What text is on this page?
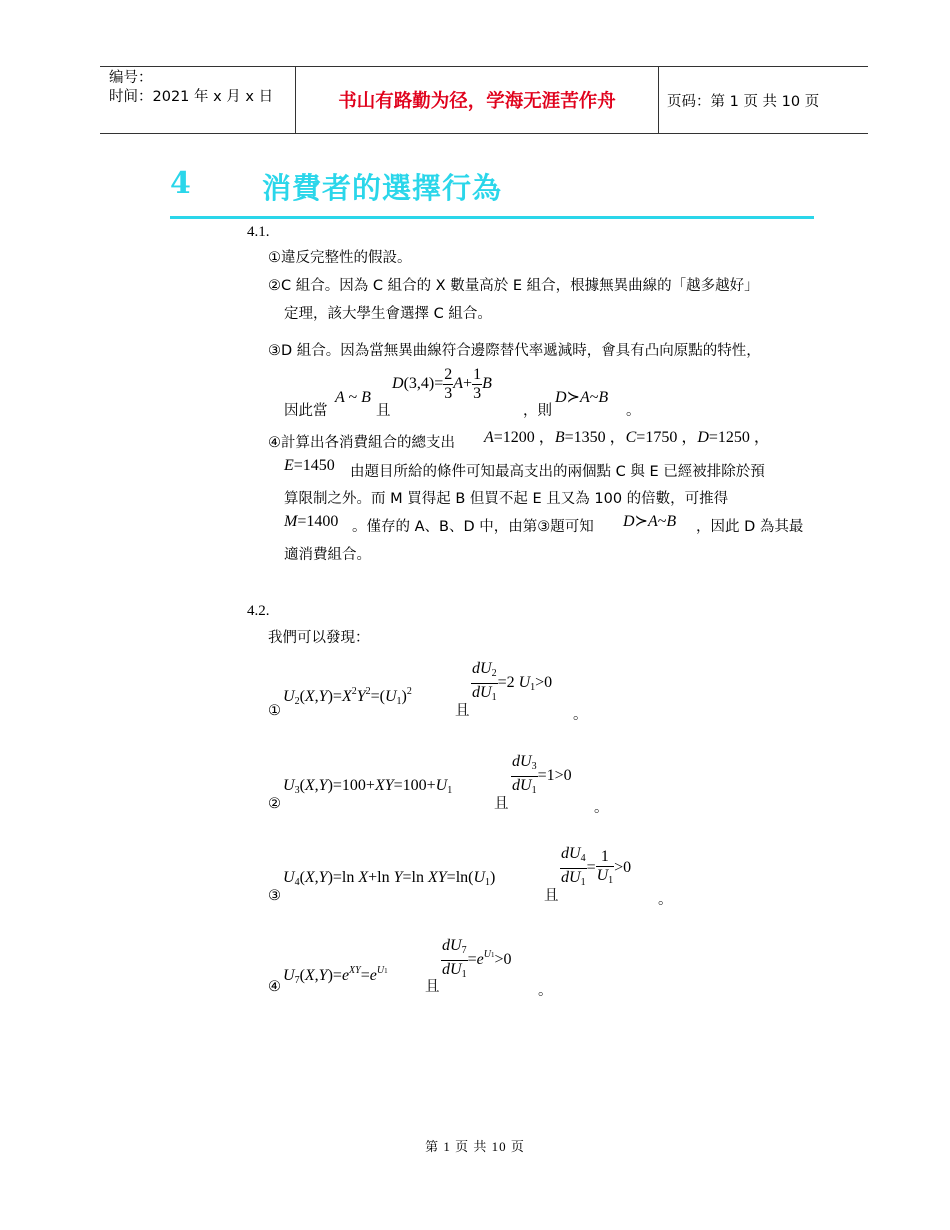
编号：
时间：2021 年 x 月 x 日	书山有路勤为径，学海无涯苦作舟	页码：第 1 页 共 10 页
4 消費者的選擇行為
4.1.
①違反完整性的假設。
②C 組合。因為 C 組合的 X 數量高於 E 組合，根據無異曲線的「越多越好」
定理，該大學生會選擇 C 組合。
③D 組合。因為當無異曲線符合邊際替代率遞減時，會具有凸向原點的特性，
因此當
A ~ B
且
$D(3,4)= \frac{2}{3} A+ \frac{1}{3}$ B
，則
D≻A~B
。
④計算出各消費組合的總支出 A=1200 ，B=1350 ，C=1750 ，D=1250 ，
E=1450 由題目所給的條件可知最高支出的兩個點 C 與 E 已經被排除於預
算限制之外。而 M 買得起 B 但買不起 E 且又為 100 的倍數，可推得
M=1400 。僅存的 A、B、D 中，由第③題可知 D≻A~B ，因此 D 為其最
適消費組合。
4.2.
我們可以發現：
①
$U_2(X,Y)=X^2Y^2=(U_1)^2$
且
$\frac{dU_2}{dU_1} =2$ $U_1>0$
。
②
$U_3(X,Y)=100+XY=100+U_1$
且
$\frac{dU_3}{dU_1} =1>0$
。
③
$U_4(X,Y)=\ln$ X+ln Y=ln $XY=\ln(U_1)$
且
$\frac{dU_4}{dU_1} = \frac{1}{U_1} >0$
。
④
$U_7(X,Y)=e^{XY}=e^{U1}$
且
$\frac{dU_7}{dU_1} =e^{U1}>0$
。
第 1 页 共 10 页
